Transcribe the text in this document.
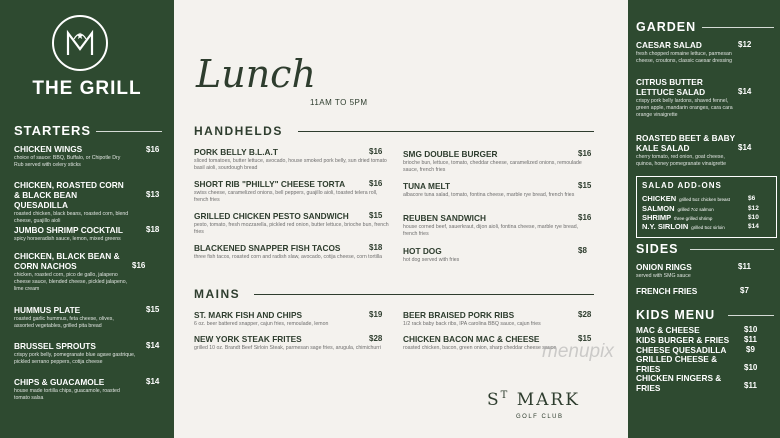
★
THE GRILL
STARTERS
CHICKEN WINGS
choice of sauce: BBQ, Buffalo, or Chipotle Dry Rub served with celery sticks
$16
CHICKEN, ROASTED CORN & BLACK BEAN QUESADILLA
roasted chicken, black beans, roasted corn, blend cheese, guajillo aioli
$13
JUMBO SHRIMP COCKTAIL
spicy horseradish sauce, lemon, mixed greens
$18
CHICKEN, BLACK BEAN & CORN NACHOS
chicken, roasted corn, pico de gallo, jalapeno cheese sauce, blended cheese, pickled jalapeno, lime cream
$16
HUMMUS PLATE
roasted garlic hummus, feta cheese, olives, assorted vegetables, grilled pita bread
$15
BRUSSEL SPROUTS
crispy pork belly, pomegranate blue agave gastrique, pickled serrano peppers, cotija cheese
$14
CHIPS & GUACAMOLE
house made tortilla chips, guacamole, roasted tomato salsa
$14
Lunch
11AM TO 5PM
HANDHELDS
PORK BELLY B.L.A.T
sliced tomatoes, butter lettuce, avocado, house smoked pork belly, sun dried tomato basil aioli, sourdough bread
$16
SHORT RIB "PHILLY" CHEESE TORTA
swiss cheese, caramelized onions, bell peppers, guajillo aioli, toasted telera roll, french fries
$16
GRILLED CHICKEN PESTO SANDWICH
pesto, tomato, fresh mozzarella, pickled red onion, butter lettuce, brioche bun, french fries
$15
BLACKENED SNAPPER FISH TACOS
three fish tacos, roasted corn and radish slaw, avocado, cotija cheese, corn tortilla
$18
SMG DOUBLE BURGER
brioche bun, lettuce, tomato, cheddar cheese, caramelized onions, remoulade sauce, french fries
$16
TUNA MELT
albacore tuna salad, tomato, fontina cheese, marble rye bread, french fries
$15
REUBEN SANDWICH
house corned beef, sauerkraut, dijon aioli, fontina cheese, marble rye bread, french fries
$16
HOT DOG
hot dog served with fries
$8
MAINS
ST. MARK FISH AND CHIPS
6 oz. beer battered snapper, cajun fries, remoulade, lemon
$19
NEW YORK STEAK FRITES
grilled 10 oz. Brandt Beef Sirloin Steak, parmesan sage fries, arugula, chimichurri
$28
BEER BRAISED PORK RIBS
1/2 rack baby back ribs, IPA carolina BBQ sauce, cajun fries
$28
CHICKEN BACON MAC & CHEESE
roasted chicken, bacon, green onion, sharp cheddar cheese sauce
$15
menupix
$S^T$ MARK
GOLF CLUB
GARDEN
CAESAR SALAD
fresh chopped romaine lettuce, parmesan cheese, croutons, classic caesar dressing
$12
CITRUS BUTTER LETTUCE SALAD
crispy pork belly lardons, shaved fennel, green apple, mandarin oranges, cara cara orange vinaigrette
$14
ROASTED BEET & BABY KALE SALAD
cherry tomato, red onion, goat cheese, quinoa, honey pomegranate vinaigrette
$14
SALAD ADD-ONS
CHICKEN grilled 5oz chicken breast	$6
SALMON grilled 7oz salmon	$12
SHRIMP three grilled shrimp	$10
N.Y. SIRLOIN grilled 5oz sirloin	$14
SIDES
ONION RINGS
served with SMG sauce
$11
FRENCH FRIES	$7
KIDS MENU
MAC & CHEESE	$10
KIDS BURGER & FRIES	$11
CHEESE QUESADILLA	$9
GRILLED CHEESE & FRIES	$10
CHICKEN FINGERS & FRIES	$11
